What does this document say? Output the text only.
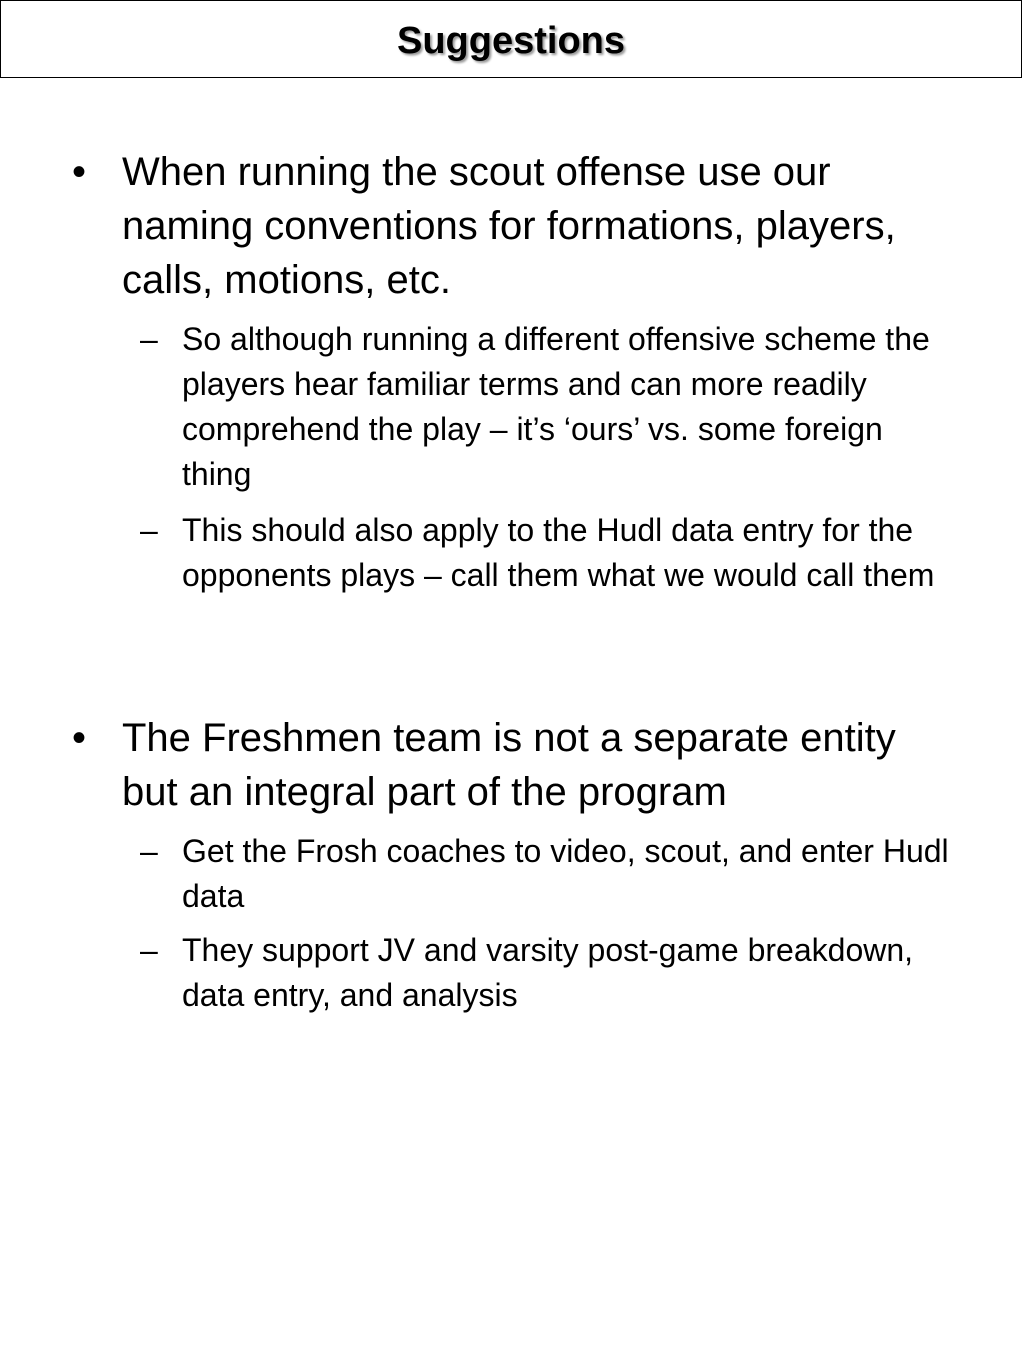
Suggestions
• When running the scout offense use our naming conventions for formations, players, calls, motions, etc.
– So although running a different offensive scheme the players hear familiar terms and can more readily comprehend the play – it’s ‘ours’ vs. some foreign thing
– This should also apply to the Hudl data entry for the opponents plays – call them what we would call them
• The Freshmen team is not a separate entity but an integral part of the program
– Get the Frosh coaches to video, scout, and enter Hudl data
– They support JV and varsity post-game breakdown, data entry, and analysis
